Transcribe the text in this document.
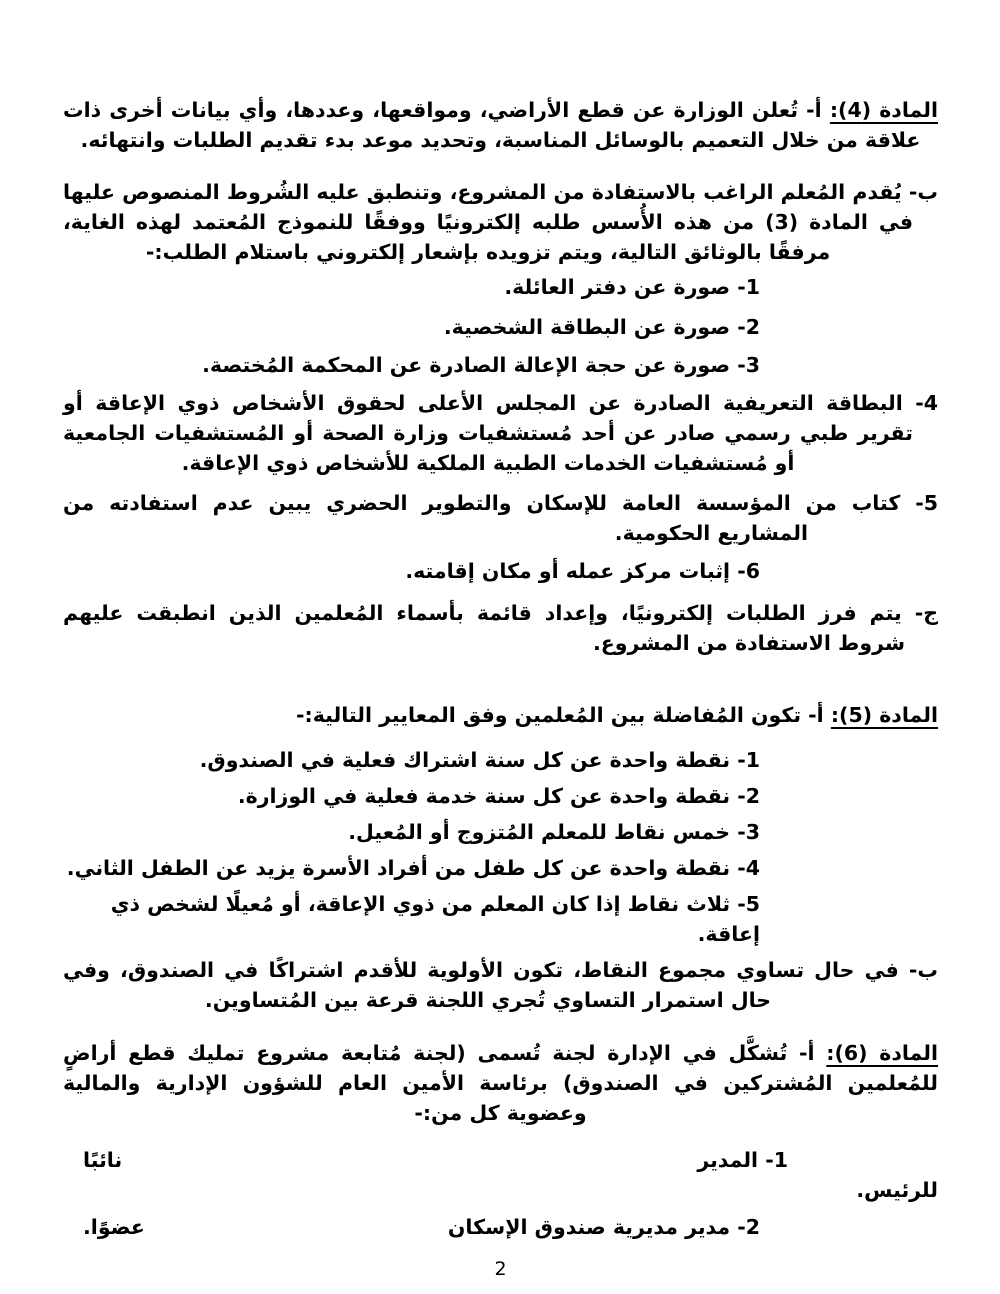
المادة (4): أ- تُعلن الوزارة عن قطع الأراضي، ومواقعها، وعددها، وأي بيانات أخرى ذات علاقة من خلال التعميم بالوسائل المناسبة، وتحديد موعد بدء تقديم الطلبات وانتهائه.

ب- يُقدم المُعلم الراغب بالاستفادة من المشروع، وتنطبق عليه الشُروط المنصوص عليها في المادة (3) من هذه الأُسس طلبه إلكترونيًا ووفقًا للنموذج المُعتمد لهذه الغاية، مرفقًا بالوثائق التالية، ويتم تزويده بإشعار إلكتروني باستلام الطلب:-

1- صورة عن دفتر العائلة.

2- صورة عن البطاقة الشخصية.

3- صورة عن حجة الإعالة الصادرة عن المحكمة المُختصة.

4- البطاقة التعريفية الصادرة عن المجلس الأعلى لحقوق الأشخاص ذوي الإعاقة أو تقرير طبي رسمي صادر عن أحد مُستشفيات وزارة الصحة أو المُستشفيات الجامعية أو مُستشفيات الخدمات الطبية الملكية للأشخاص ذوي الإعاقة.

5- كتاب من المؤسسة العامة للإسكان والتطوير الحضري يبين عدم استفادته من المشاريع الحكومية.

6- إثبات مركز عمله أو مكان إقامته.

ج- يتم فرز الطلبات إلكترونيًا، وإعداد قائمة بأسماء المُعلمين الذين انطبقت عليهم شروط الاستفادة من المشروع.

المادة (5): أ- تكون المُفاضلة بين المُعلمين وفق المعايير التالية:-

1- نقطة واحدة عن كل سنة اشتراك فعلية في الصندوق.

2- نقطة واحدة عن كل سنة خدمة فعلية في الوزارة.

3- خمس نقاط للمعلم المُتزوج أو المُعيل.

4- نقطة واحدة عن كل طفل من أفراد الأسرة يزيد عن الطفل الثاني.

5- ثلاث نقاط إذا كان المعلم من ذوي الإعاقة، أو مُعيلًا لشخص ذي إعاقة.

ب- في حال تساوي مجموع النقاط، تكون الأولوية للأقدم اشتراكًا في الصندوق، وفي حال استمرار التساوي تُجري اللجنة قرعة بين المُتساوين.

المادة (6): أ- تُشكَّل في الإدارة لجنة تُسمى (لجنة مُتابعة مشروع تمليك قطع أراضٍ للمُعلمين المُشتركين في الصندوق) برئاسة الأمين العام للشؤون الإدارية والمالية وعضوية كل من:-

1- المدير
نائبًا

للرئيس.

2- مدير مديرية صندوق الإسكان
عضوًا.

2
